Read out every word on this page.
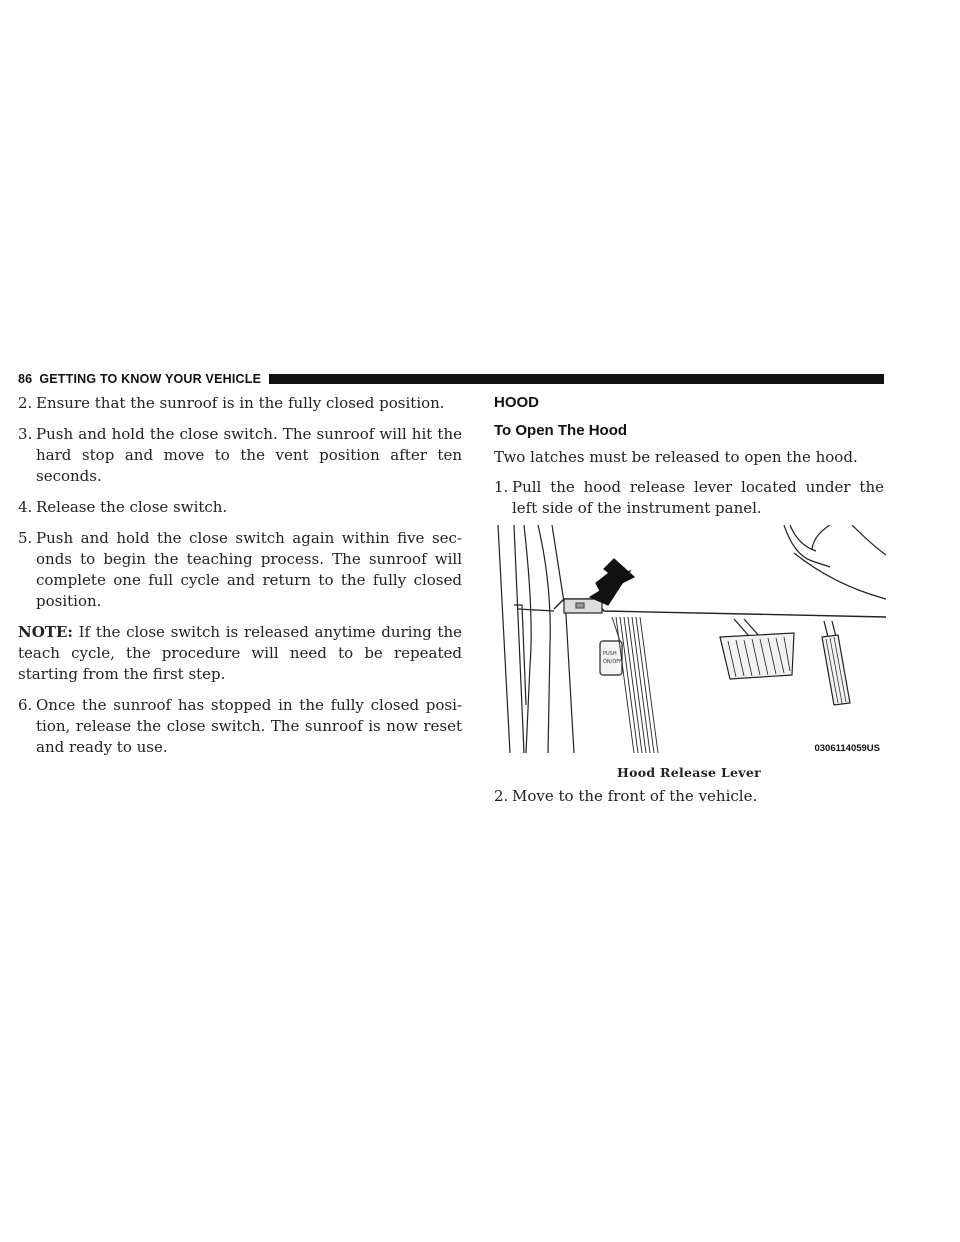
86 GETTING TO KNOW YOUR VEHICLE
2. Ensure that the sunroof is in the fully closed position.
3. Push and hold the close switch. The sunroof will hit the hard stop and move to the vent position after ten seconds.
4. Release the close switch.
5. Push and hold the close switch again within five sec- onds to begin the teaching process. The sunroof will complete one full cycle and return to the fully closed position.

NOTE: If the close switch is released anytime during the teach cycle, the procedure will need to be repeated starting from the first step.

6. Once the sunroof has stopped in the fully closed posi- tion, release the close switch. The sunroof is now reset and ready to use.
HOOD
To Open The Hood

Two latches must be released to open the hood.

1. Pull the hood release lever located under the left side of the instrument panel.
PUSH
ON/OFF
0306114059US
Hood Release Lever
2. Move to the front of the vehicle.
